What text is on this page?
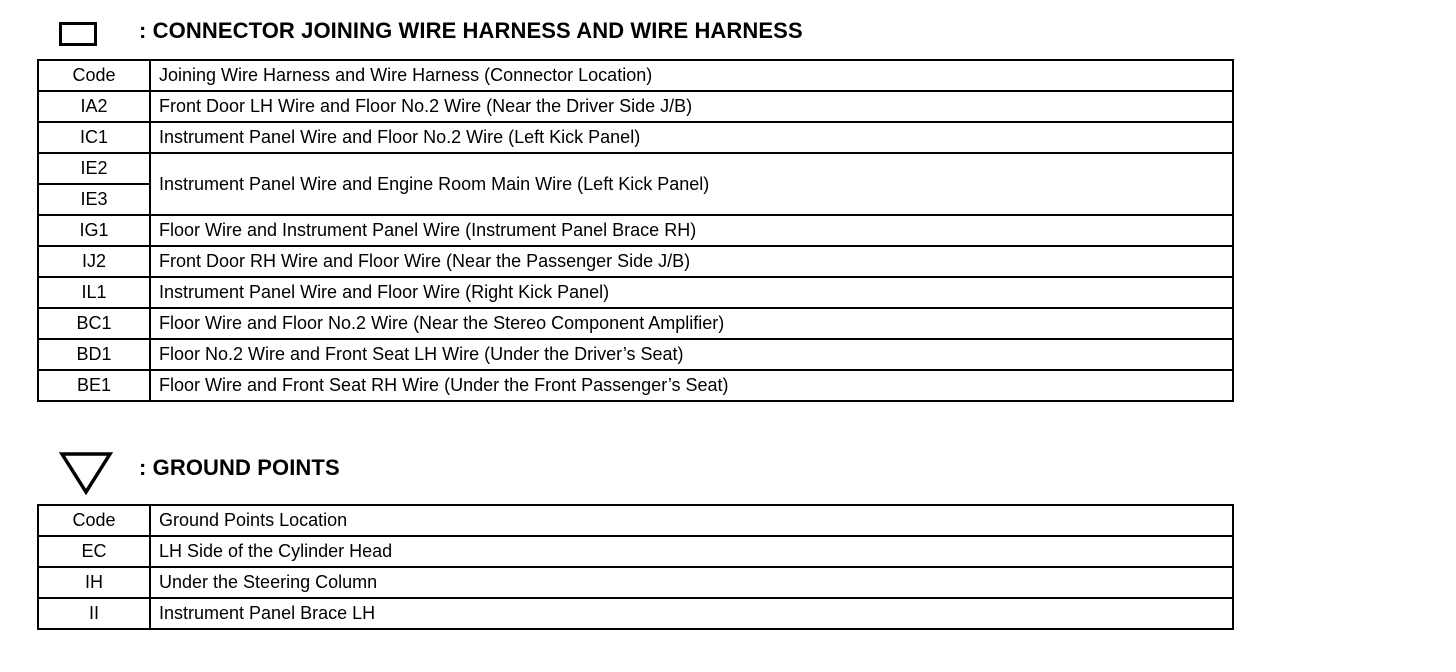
: CONNECTOR JOINING WIRE HARNESS AND WIRE HARNESS
Code	Joining Wire Harness and Wire Harness (Connector Location)
IA2	Front Door LH Wire and Floor No.2 Wire (Near the Driver Side J/B)
IC1	Instrument Panel Wire and Floor No.2 Wire (Left Kick Panel)
IE2	Instrument Panel Wire and Engine Room Main Wire (Left Kick Panel)
IE3	
IG1	Floor Wire and Instrument Panel Wire (Instrument Panel Brace RH)
IJ2	Front Door RH Wire and Floor Wire (Near the Passenger Side J/B)
IL1	Instrument Panel Wire and Floor Wire (Right Kick Panel)
BC1	Floor Wire and Floor No.2 Wire (Near the Stereo Component Amplifier)
BD1	Floor No.2 Wire and Front Seat LH Wire (Under the Driver’s Seat)
BE1	Floor Wire and Front Seat RH Wire (Under the Front Passenger’s Seat)
: GROUND POINTS
Code	Ground Points Location
EC	LH Side of the Cylinder Head
IH	Under the Steering Column
II	Instrument Panel Brace LH
